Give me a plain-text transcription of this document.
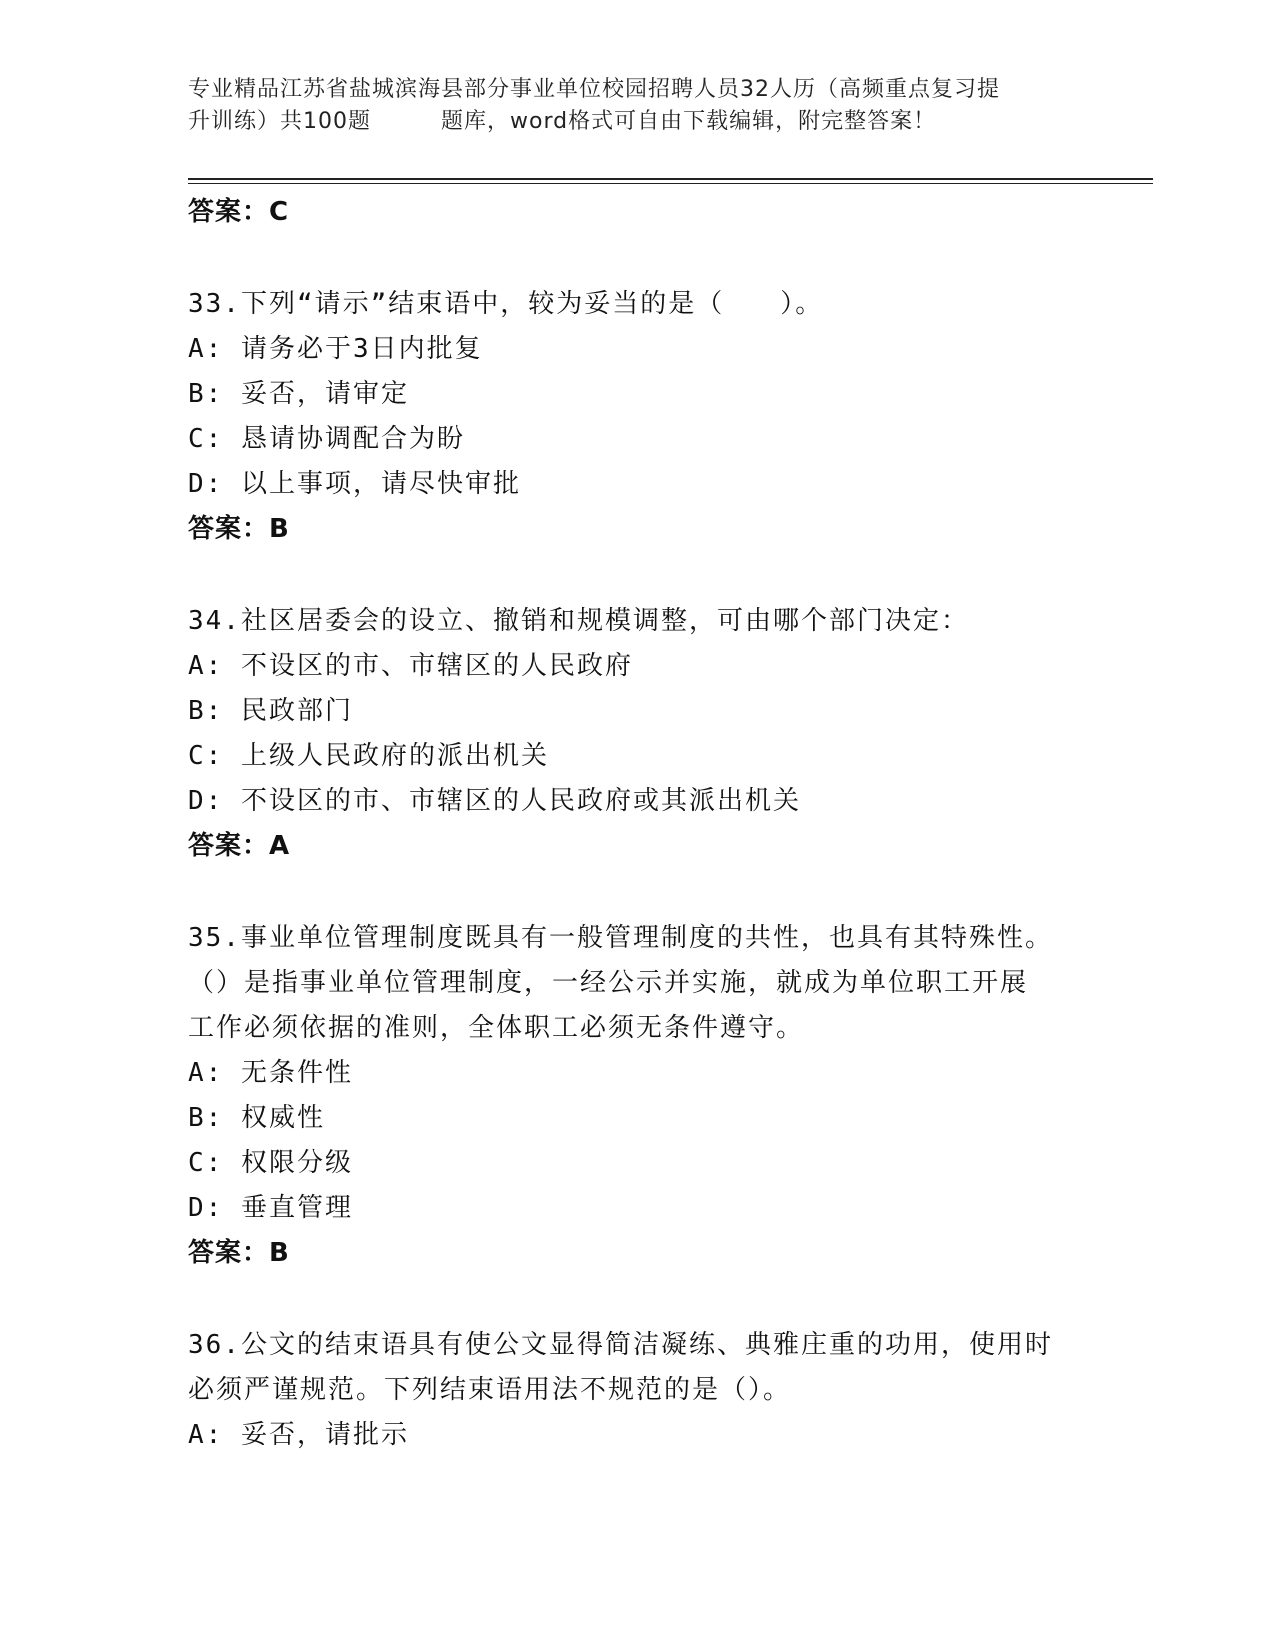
专业精品江苏省盐城滨海县部分事业单位校园招聘人员32人历（高频重点复习提
升训练）共100题	题库，word格式可自由下载编辑，附完整答案！

答案：C

33.下列“请示”结束语中，较为妥当的是（　　）。

A: 请务必于3日内批复

B: 妥否，请审定

C: 恳请协调配合为盼

D: 以上事项，请尽快审批

答案：B

34.社区居委会的设立、撤销和规模调整，可由哪个部门决定：

A: 不设区的市、市辖区的人民政府

B: 民政部门

C: 上级人民政府的派出机关

D: 不设区的市、市辖区的人民政府或其派出机关

答案：A

35.事业单位管理制度既具有一般管理制度的共性，也具有其特殊性。

（）是指事业单位管理制度，一经公示并实施，就成为单位职工开展

工作必须依据的准则，全体职工必须无条件遵守。

A: 无条件性

B: 权威性

C: 权限分级

D: 垂直管理

答案：B

36.公文的结束语具有使公文显得简洁凝练、典雅庄重的功用，使用时

必须严谨规范。下列结束语用法不规范的是（）。

A: 妥否，请批示
